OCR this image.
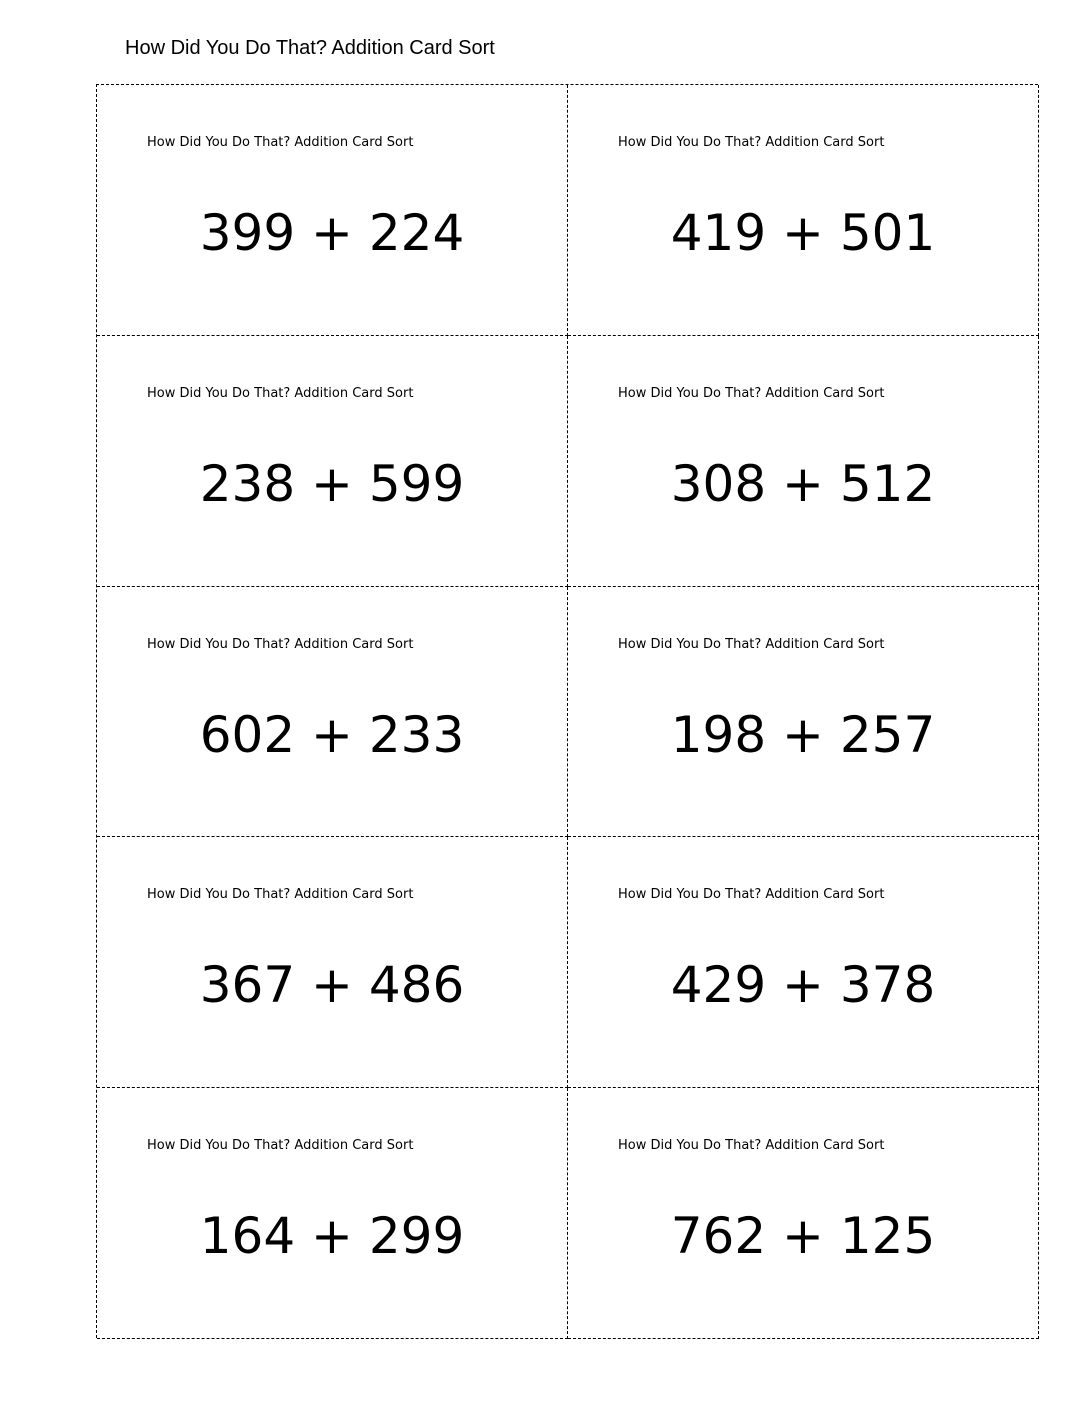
How Did You Do That? Addition Card Sort
How Did You Do That? Addition Card Sort
399 + 224
How Did You Do That? Addition Card Sort
419 + 501
How Did You Do That? Addition Card Sort
238 + 599
How Did You Do That? Addition Card Sort
308 + 512
How Did You Do That? Addition Card Sort
602 + 233
How Did You Do That? Addition Card Sort
198 + 257
How Did You Do That? Addition Card Sort
367 + 486
How Did You Do That? Addition Card Sort
429 + 378
How Did You Do That? Addition Card Sort
164 + 299
How Did You Do That? Addition Card Sort
762 + 125
